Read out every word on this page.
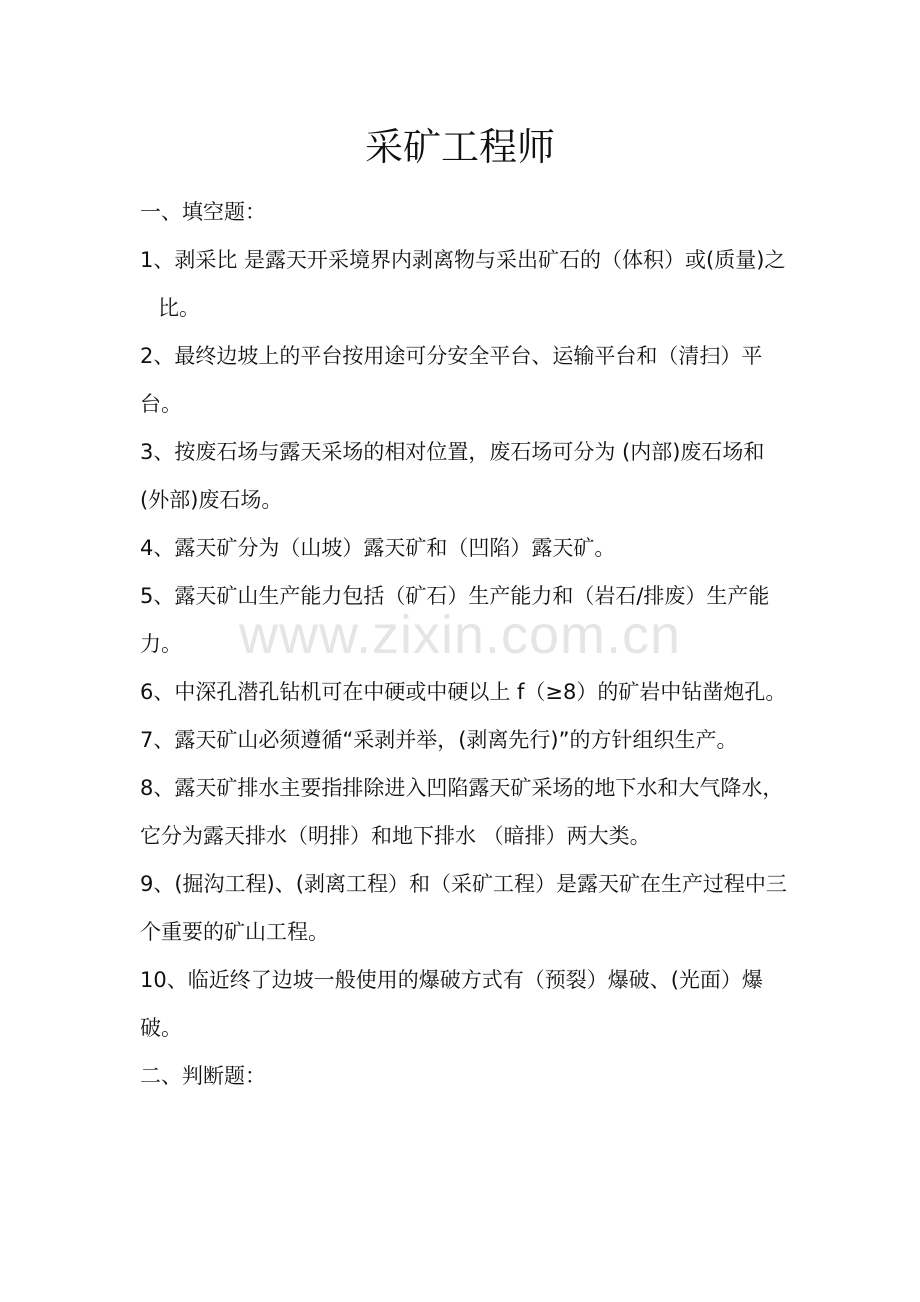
采矿工程师

一、填空题：

1、剥采比 是露天开采境界内剥离物与采出矿石的（体积）或(质量)之比。

2、最终边坡上的平台按用途可分安全平台、运输平台和（清扫）平台。

3、按废石场与露天采场的相对位置，废石场可分为 (内部)废石场和 (外部)废石场。

4、露天矿分为（山坡）露天矿和（凹陷）露天矿。

5、露天矿山生产能力包括（矿石）生产能力和（岩石/排废）生产能力。

6、中深孔潜孔钻机可在中硬或中硬以上 f（≥8）的矿岩中钻凿炮孔。

7、露天矿山必须遵循“采剥并举，(剥离先行)”的方针组织生产。

8、露天矿排水主要指排除进入凹陷露天矿采场的地下水和大气降水，它分为露天排水（明排）和地下排水 （暗排）两大类。

9、(掘沟工程)、(剥离工程）和（采矿工程）是露天矿在生产过程中三个重要的矿山工程。

10、临近终了边坡一般使用的爆破方式有（预裂）爆破、(光面）爆破。

二、判断题：

www.zixin.com.cn
